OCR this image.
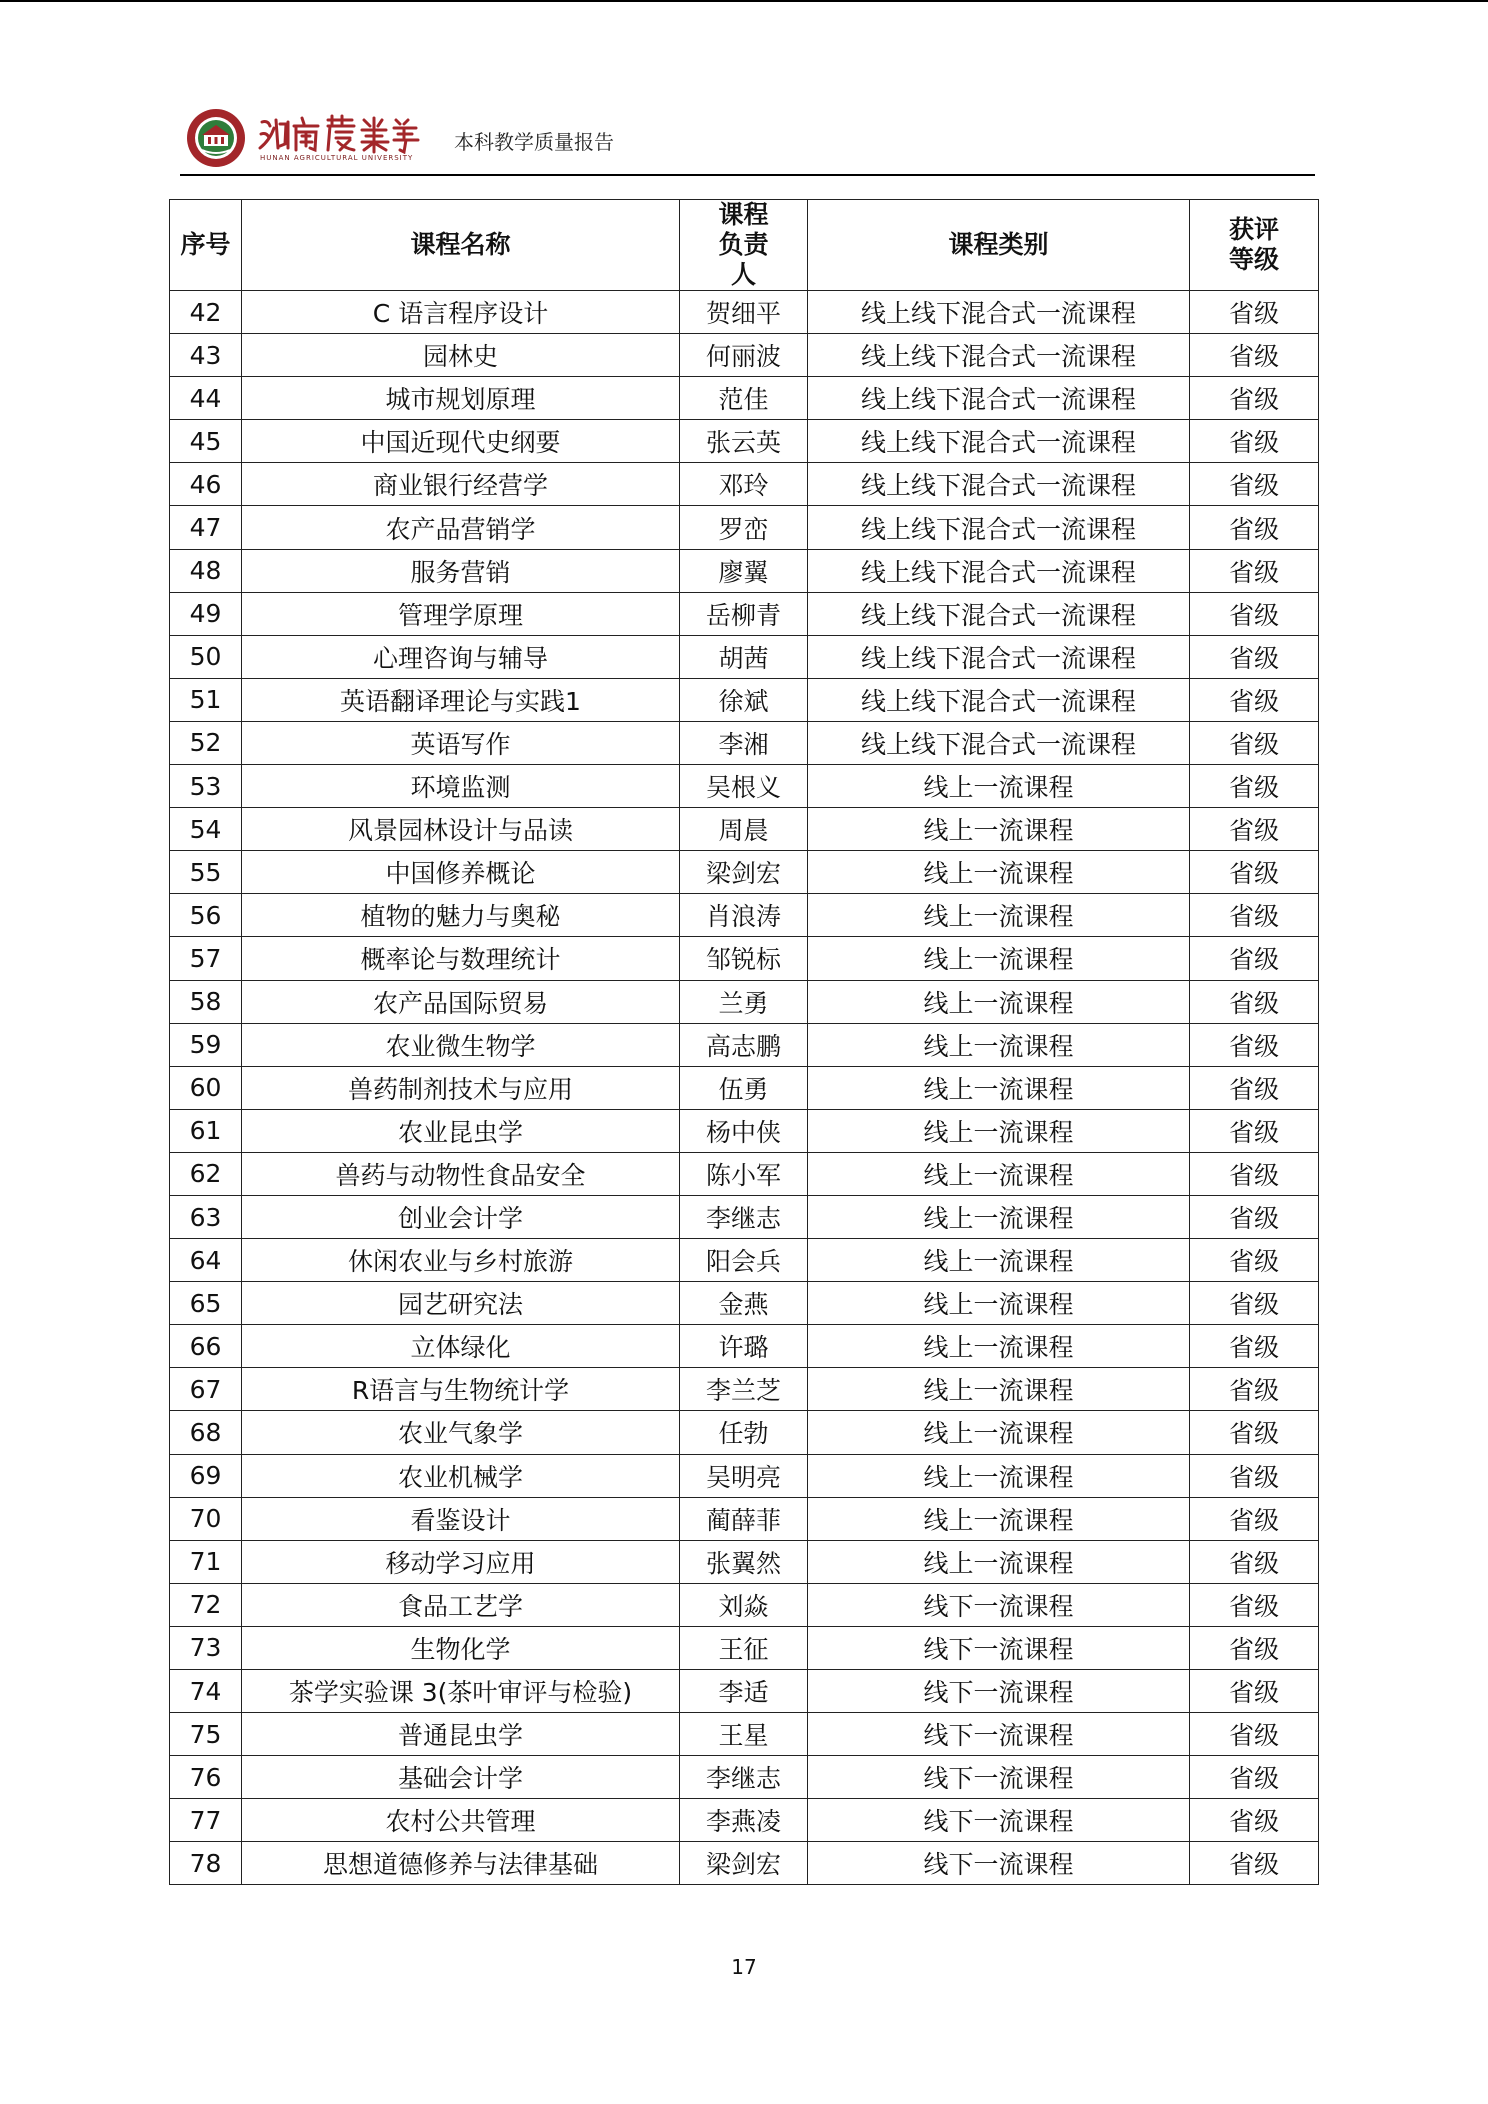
HUNAN AGRICULTURAL UNIVERSITY
本科教学质量报告
序号	课程名称	课程负责人	课程类别	获评等级
42	C 语言程序设计	贺细平	线上线下混合式一流课程	省级
43	园林史	何丽波	线上线下混合式一流课程	省级
44	城市规划原理	范佳	线上线下混合式一流课程	省级
45	中国近现代史纲要	张云英	线上线下混合式一流课程	省级
46	商业银行经营学	邓玲	线上线下混合式一流课程	省级
47	农产品营销学	罗峦	线上线下混合式一流课程	省级
48	服务营销	廖翼	线上线下混合式一流课程	省级
49	管理学原理	岳柳青	线上线下混合式一流课程	省级
50	心理咨询与辅导	胡茜	线上线下混合式一流课程	省级
51	英语翻译理论与实践1	徐斌	线上线下混合式一流课程	省级
52	英语写作	李湘	线上线下混合式一流课程	省级
53	环境监测	吴根义	线上一流课程	省级
54	风景园林设计与品读	周晨	线上一流课程	省级
55	中国修养概论	梁剑宏	线上一流课程	省级
56	植物的魅力与奥秘	肖浪涛	线上一流课程	省级
57	概率论与数理统计	邹锐标	线上一流课程	省级
58	农产品国际贸易	兰勇	线上一流课程	省级
59	农业微生物学	高志鹏	线上一流课程	省级
60	兽药制剂技术与应用	伍勇	线上一流课程	省级
61	农业昆虫学	杨中侠	线上一流课程	省级
62	兽药与动物性食品安全	陈小军	线上一流课程	省级
63	创业会计学	李继志	线上一流课程	省级
64	休闲农业与乡村旅游	阳会兵	线上一流课程	省级
65	园艺研究法	金燕	线上一流课程	省级
66	立体绿化	许璐	线上一流课程	省级
67	R语言与生物统计学	李兰芝	线上一流课程	省级
68	农业气象学	任勃	线上一流课程	省级
69	农业机械学	吴明亮	线上一流课程	省级
70	看鉴设计	蔺薛菲	线上一流课程	省级
71	移动学习应用	张翼然	线上一流课程	省级
72	食品工艺学	刘焱	线下一流课程	省级
73	生物化学	王征	线下一流课程	省级
74	茶学实验课 3(茶叶审评与检验)	李适	线下一流课程	省级
75	普通昆虫学	王星	线下一流课程	省级
76	基础会计学	李继志	线下一流课程	省级
77	农村公共管理	李燕凌	线下一流课程	省级
78	思想道德修养与法律基础	梁剑宏	线下一流课程	省级
17
